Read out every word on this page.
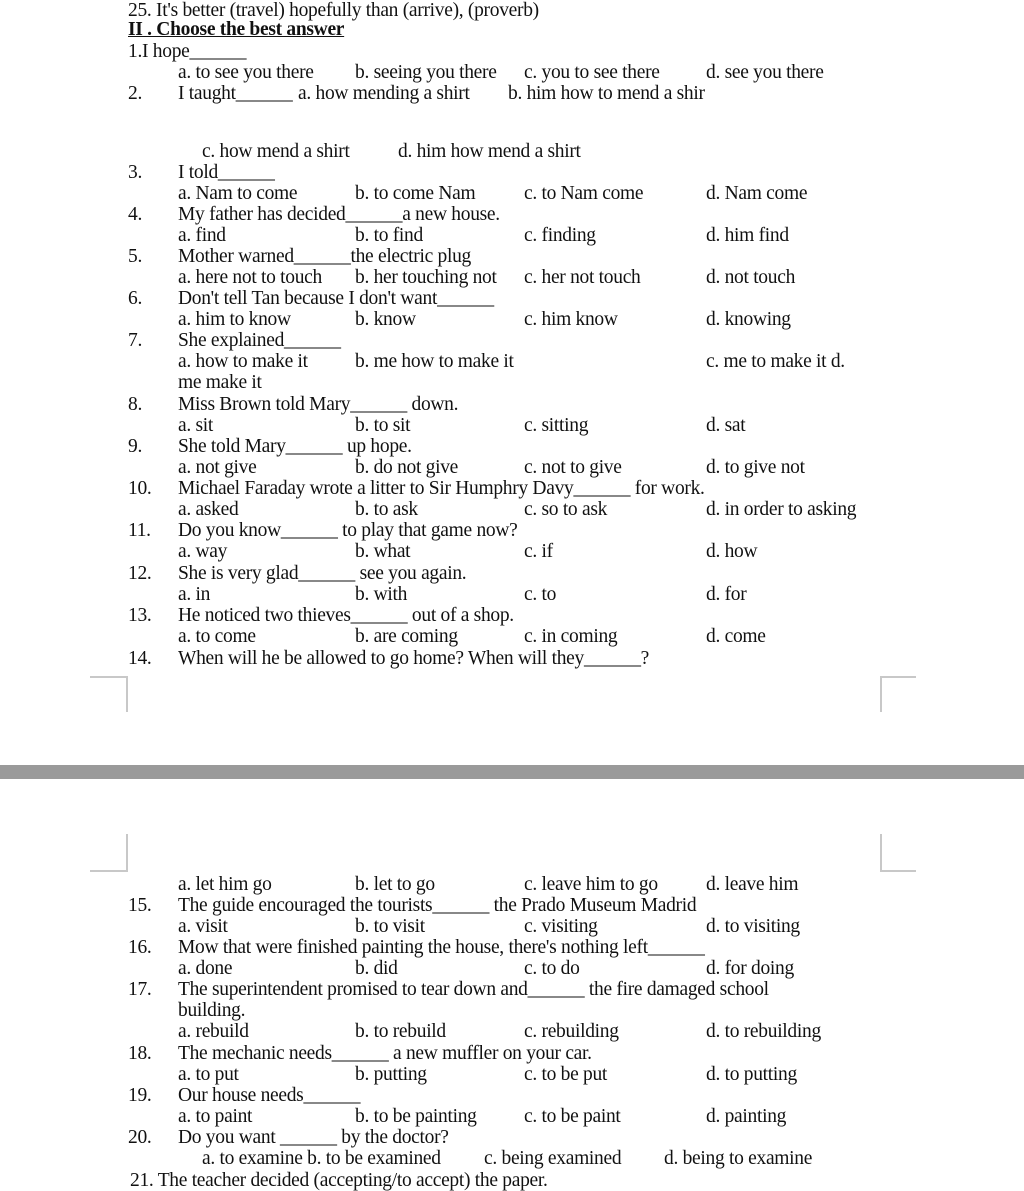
25. It's better (travel) hopefully than (arrive), (proverb)
II . Choose the best answer
1.I hope______
a. to see you there b. seeing you there c. you to see there d. see you there
2. I taught______ a. how mending a shirt b. him how to mend a shir
c. how mend a shirt d. him how mend a shirt
3. I told______
a. Nam to come	b. to come Nam c. to Nam come	d. Nam come
4. My father has decided______a new house.
a. find	b. to find	c. finding	d. him find
5. Mother warned______the electric plug
a. here not to touch b. her touching not c. her not touch	d. not touch
6. Don't tell Tan because I don't want______
a. him to know	b. know	c. him know	d. knowing
7. She explained______
a. how to make it b. me how to make it	c. me to make it d.
me make it
8. Miss Brown told Mary______ down.
a. sit	b. to sit	c. sitting	d. sat
9. She told Mary______ up hope.
a. not give	b. do not give	c. not to give	d. to give not
10. Michael Faraday wrote a litter to Sir Humphry Davy______ for work.
a. asked	b. to ask	c. so to ask	d. in order to asking
11. Do you know______ to play that game now?
a. way	b. what	c. if	d. how
12. She is very glad______ see you again.
a. in	b. with	c. to	d. for
13. He noticed two thieves______ out of a shop.
a. to come	b. are coming	c. in coming	d. come
14. When will he be allowed to go home? When will they______?
a. let him go	b. let to go	c. leave him to go d. leave him
15. The guide encouraged the tourists______ the Prado Museum Madrid
a. visit	b. to visit	c. visiting	d. to visiting
16. Mow that were finished painting the house, there's nothing left______
a. done	b. did	c. to do	d. for doing
17. The superintendent promised to tear down and______ the fire damaged school
building.
a. rebuild	b. to rebuild	c. rebuilding	d. to rebuilding
18. The mechanic needs______ a new muffler on your car.
a. to put	b. putting	c. to be put	d. to putting
19. Our house needs______
a. to paint	b. to be painting c. to be paint	d. painting
20. Do you want ______ by the doctor?
a. to examine b. to be examined c. being examined d. being to examine
21. The teacher decided (accepting/to accept) the paper.
